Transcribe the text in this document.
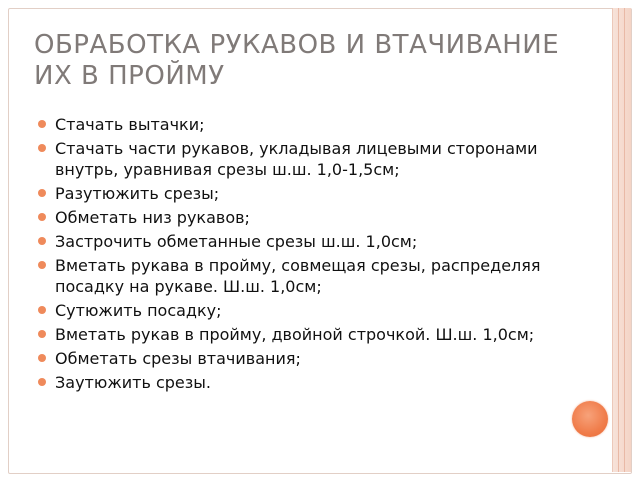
ОБРАБОТКА РУКАВОВ И ВТАЧИВАНИЕ ИХ В ПРОЙМУ
Стачать вытачки;
Стачать части рукавов, укладывая лицевыми сторонами внутрь, уравнивая срезы ш.ш. 1,0-1,5см;
Разутюжить срезы;
Обметать низ рукавов;
Застрочить обметанные срезы ш.ш. 1,0см;
Вметать рукава в пройму, совмещая срезы, распределяя посадку на рукаве. Ш.ш. 1,0см;
Сутюжить посадку;
Вметать рукав в пройму, двойной строчкой. Ш.ш. 1,0см;
Обметать срезы втачивания;
Заутюжить срезы.
